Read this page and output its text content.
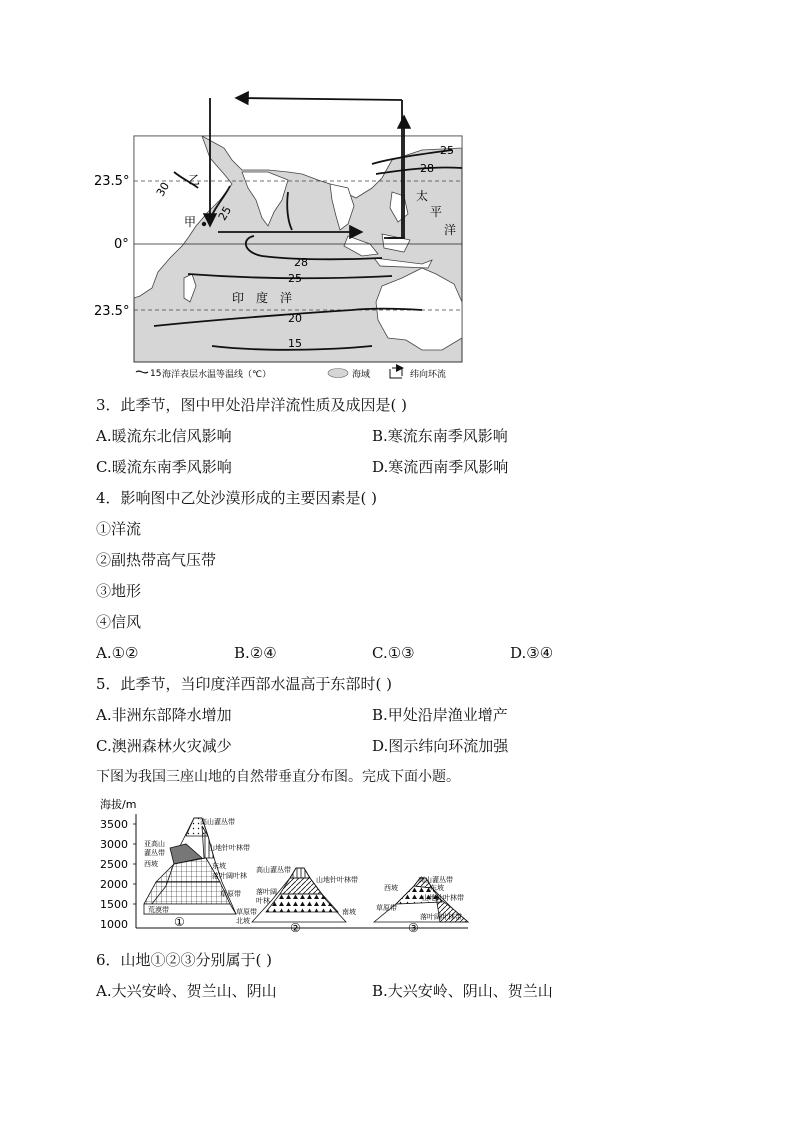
23.5°
0°
23.5°
乙
甲
太
平
洋
印　度　洋
30
25
25
28
28
25
20
15
15 海洋表层水温等温线（℃）	海域	纬向环流
3．此季节，图中甲处沿岸洋流性质及成因是( )
A.暖流东北信风影响	B.寒流东南季风影响
C.暖流东南季风影响	D.寒流西南季风影响
4．影响图中乙处沙漠形成的主要因素是( )
①洋流
②副热带高气压带
③地形
④信风
A.①②	B.②④	C.①③	D.③④
5．此季节，当印度洋西部水温高于东部时( )
A.非洲东部降水增加	B.甲处沿岸渔业增产
C.澳洲森林火灾减少	D.图示纬向环流加强
下图为我国三座山地的自然带垂直分布图。完成下面小题。
海拔/m
3500
3000
2500
2000
1500
1000
高山灌丛带
亚高山
灌丛带
山地针叶林带
西坡	东坡
落叶阔叶林
草原带
荒漠带
①
高山灌丛带
山地针叶林带
落叶阔
叶林
草原带
北坡
南坡
②
高山灌丛带
西坡	东坡
山地针叶林带
草原带
落叶阔叶林带
③
6．山地①②③分别属于( )
A.大兴安岭、贺兰山、阴山	B.大兴安岭、阴山、贺兰山
